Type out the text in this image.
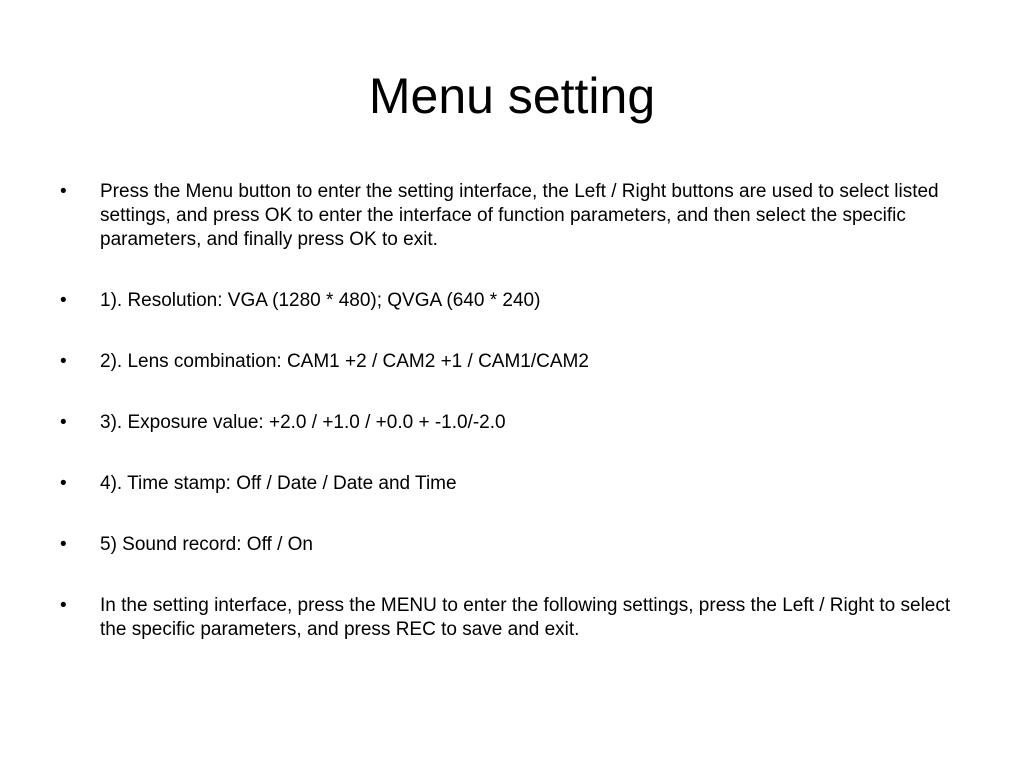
Menu setting
• Press the Menu button to enter the setting interface, the Left / Right buttons are used to select listed settings, and press OK to enter the interface of function parameters, and then select the specific parameters, and finally press OK to exit.
• 1). Resolution: VGA (1280 * 480); QVGA (640 * 240)
• 2). Lens combination: CAM1 +2 / CAM2 +1 / CAM1/CAM2
• 3). Exposure value: +2.0 / +1.0 / +0.0 + -1.0/-2.0
• 4). Time stamp: Off / Date / Date and Time
• 5) Sound record: Off / On
• In the setting interface, press the MENU to enter the following settings, press the Left / Right to select the specific parameters, and press REC to save and exit.
